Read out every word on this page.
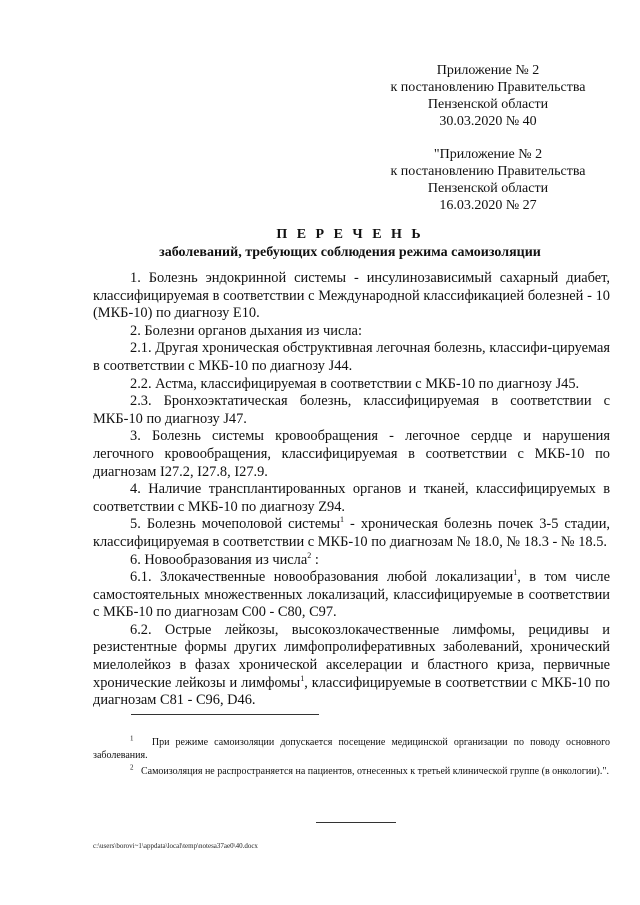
Приложение № 2
к постановлению Правительства
Пензенской области
30.03.2020 № 40
"Приложение № 2
к постановлению Правительства
Пензенской области
16.03.2020 № 27
П Е Р Е Ч Е Н Ь
заболеваний, требующих соблюдения режима самоизоляции

1. Болезнь эндокринной системы - инсулинозависимый сахарный диабет, классифицируемая в соответствии с Международной классификацией болезней - 10 (МКБ-10) по диагнозу E10.

2. Болезни органов дыхания из числа:

2.1. Другая хроническая обструктивная легочная болезнь, классифи-цируемая в соответствии с МКБ-10 по диагнозу J44.

2.2. Астма, классифицируемая в соответствии с МКБ-10 по диагнозу J45.

2.3. Бронхоэктатическая болезнь, классифицируемая в соответствии с МКБ-10 по диагнозу J47.

3. Болезнь системы кровообращения - легочное сердце и нарушения легочного кровообращения, классифицируемая в соответствии с МКБ-10 по диагнозам I27.2, I27.8, I27.9.

4. Наличие трансплантированных органов и тканей, классифицируемых в соответствии с МКБ-10 по диагнозу Z94.

5. Болезнь мочеполовой системы$^1$ - хроническая болезнь почек 3-5 стадии, классифицируемая в соответствии с МКБ-10 по диагнозам № 18.0, № 18.3 - № 18.5.

6. Новообразования из числа$^2$ :

6.1. Злокачественные новообразования любой локализации$^1$, в том числе самостоятельных множественных локализаций, классифицируемые в соответствии с МКБ-10 по диагнозам C00 - C80, C97.

6.2. Острые лейкозы, высокозлокачественные лимфомы, рецидивы и резистентные формы других лимфопролиферативных заболеваний, хронический миелолейкоз в фазах хронической акселерации и бластного криза, первичные хронические лейкозы и лимфомы$^1$, классифицируемые в соответствии с МКБ-10 по диагнозам C81 - C96, D46.

$^1$ При режиме самоизоляции допускается посещение медицинской организации по поводу основного заболевания.

$^2$ Самоизоляция не распространяется на пациентов, отнесенных к третьей клинической группе (в онкологии).".

c:\users\borovi~1\appdata\local\temp\notesa37ae0\40.docx
